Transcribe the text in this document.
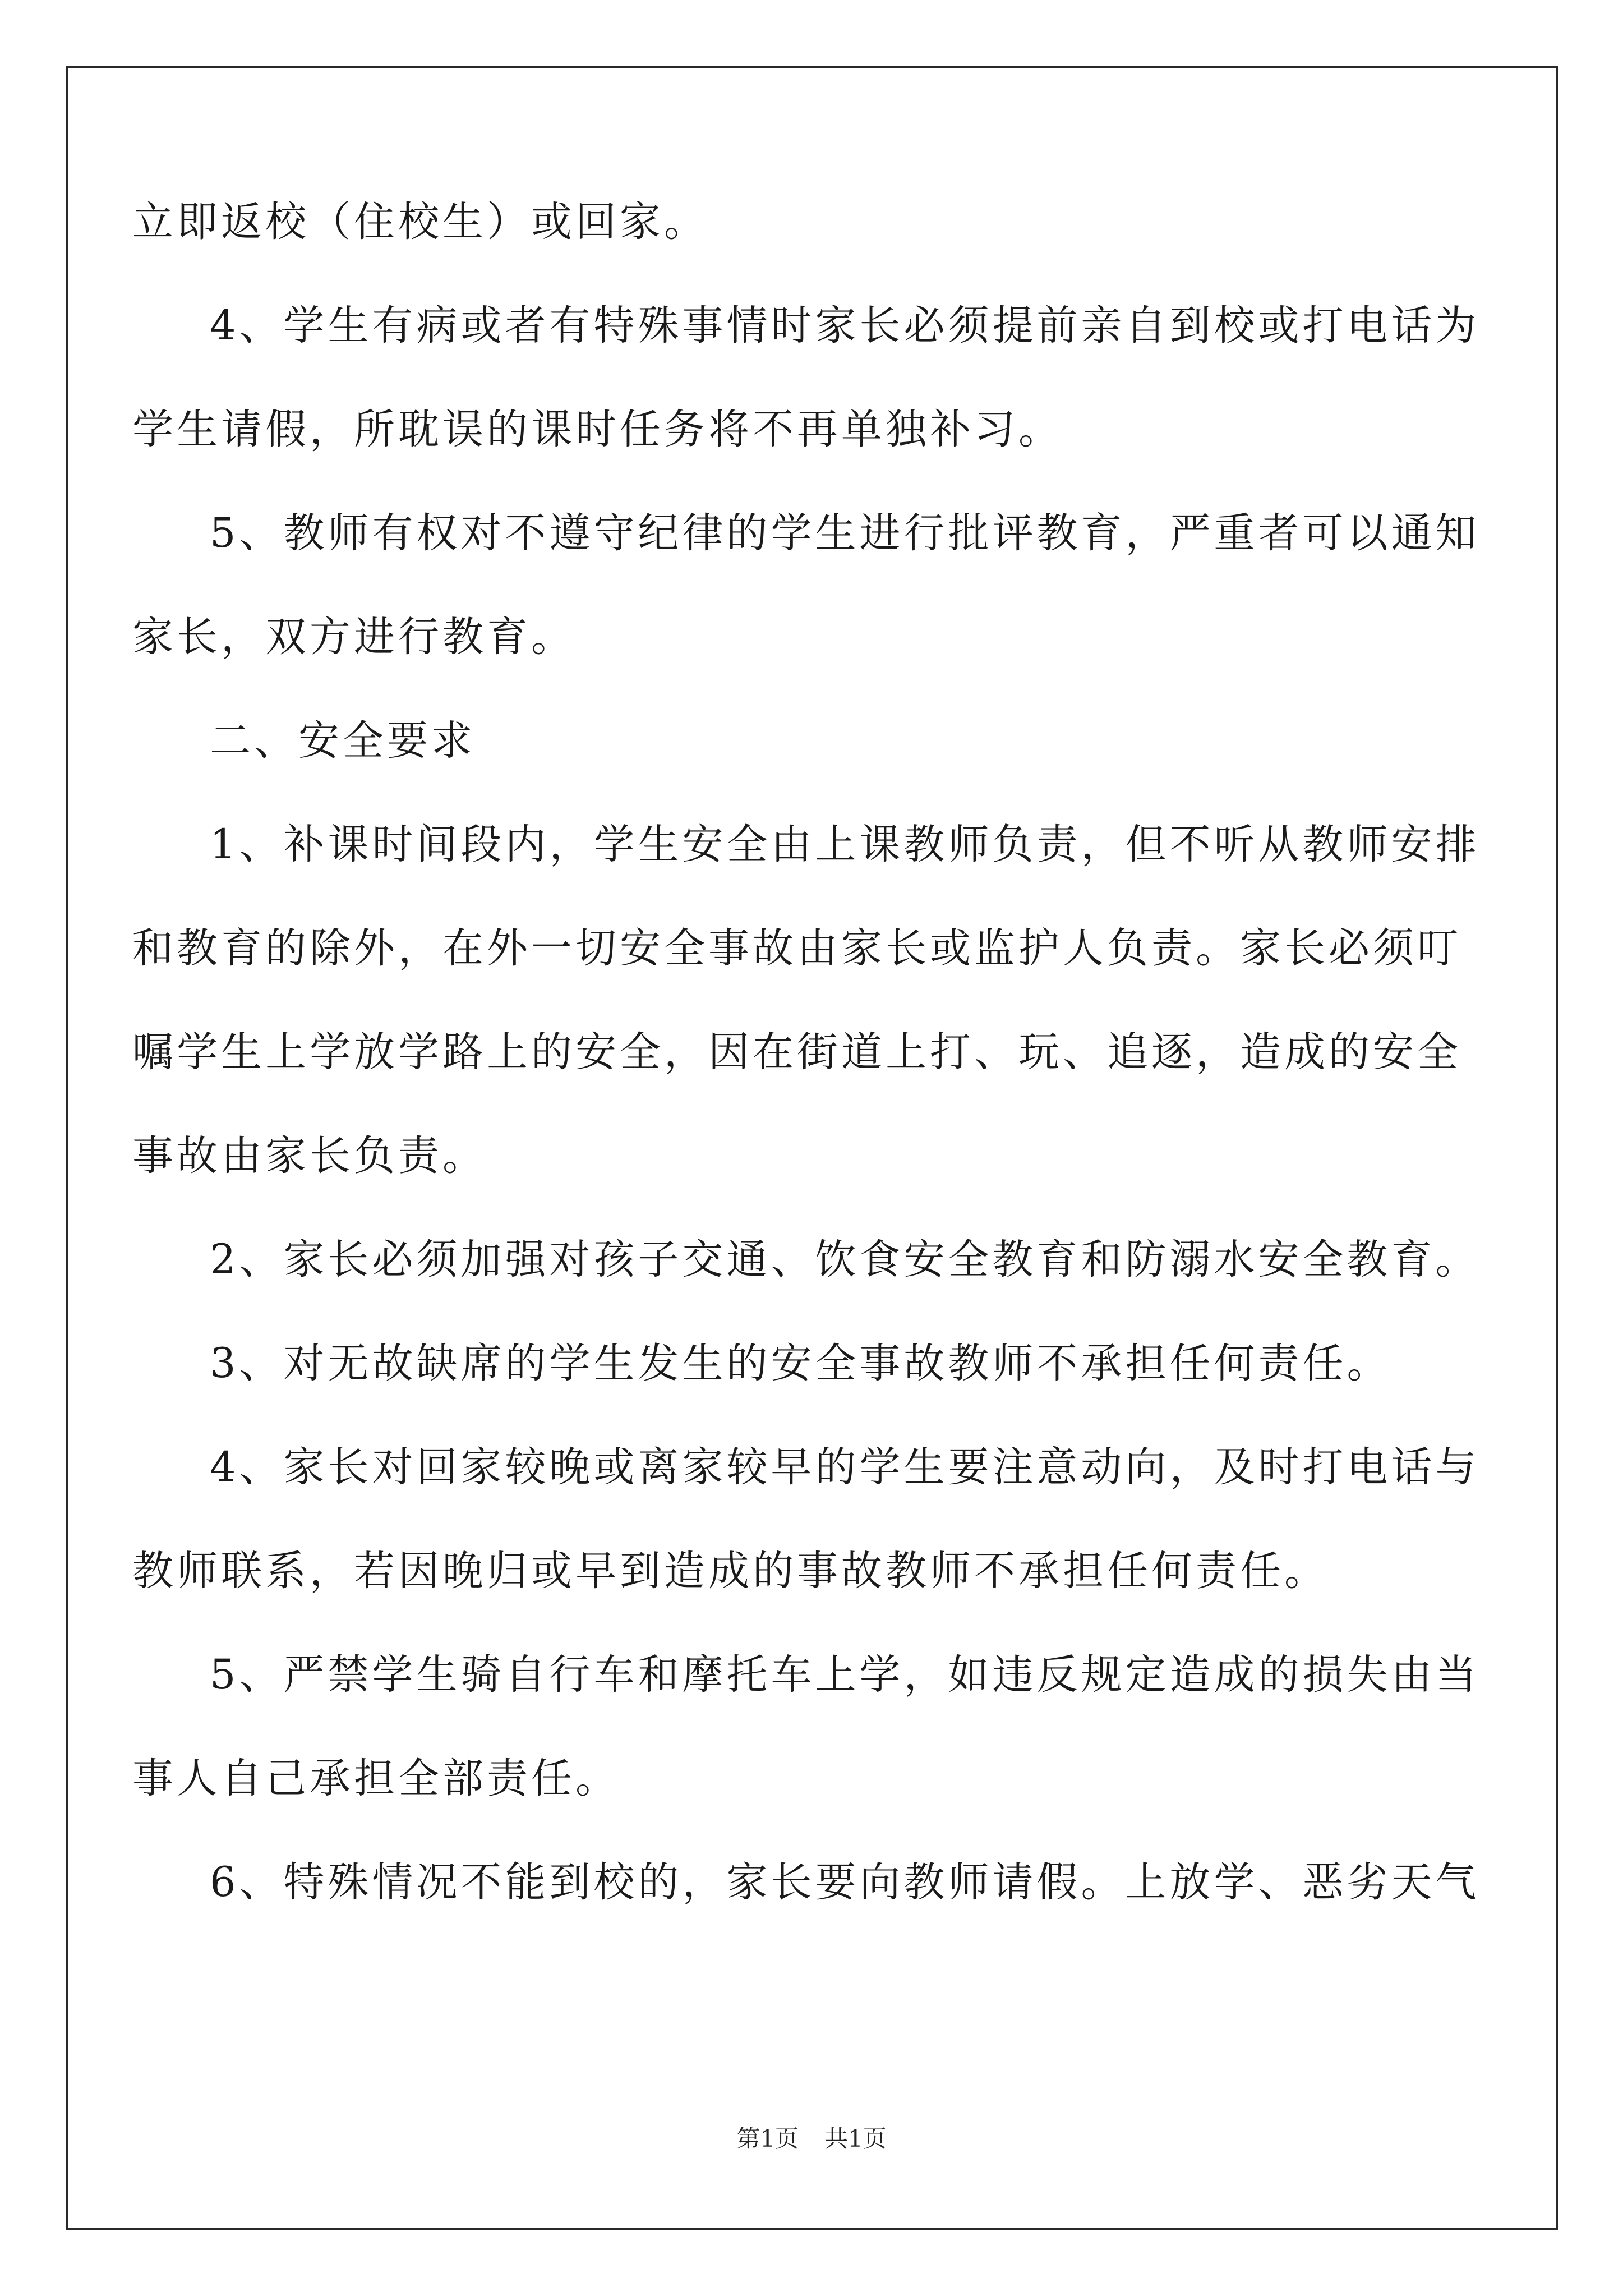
立即返校（住校生）或回家。
4、学生有病或者有特殊事情时家长必须提前亲自到校或打电话为
学生请假，所耽误的课时任务将不再单独补习。
5、教师有权对不遵守纪律的学生进行批评教育，严重者可以通知
家长，双方进行教育。
二、安全要求
1、补课时间段内，学生安全由上课教师负责，但不听从教师安排
和教育的除外，在外一切安全事故由家长或监护人负责。家长必须叮
嘱学生上学放学路上的安全，因在街道上打、玩、追逐，造成的安全
事故由家长负责。
2、家长必须加强对孩子交通、饮食安全教育和防溺水安全教育。
3、对无故缺席的学生发生的安全事故教师不承担任何责任。
4、家长对回家较晚或离家较早的学生要注意动向，及时打电话与
教师联系，若因晚归或早到造成的事故教师不承担任何责任。
5、严禁学生骑自行车和摩托车上学，如违反规定造成的损失由当
事人自己承担全部责任。
6、特殊情况不能到校的，家长要向教师请假。上放学、恶劣天气
第1页 共1页
